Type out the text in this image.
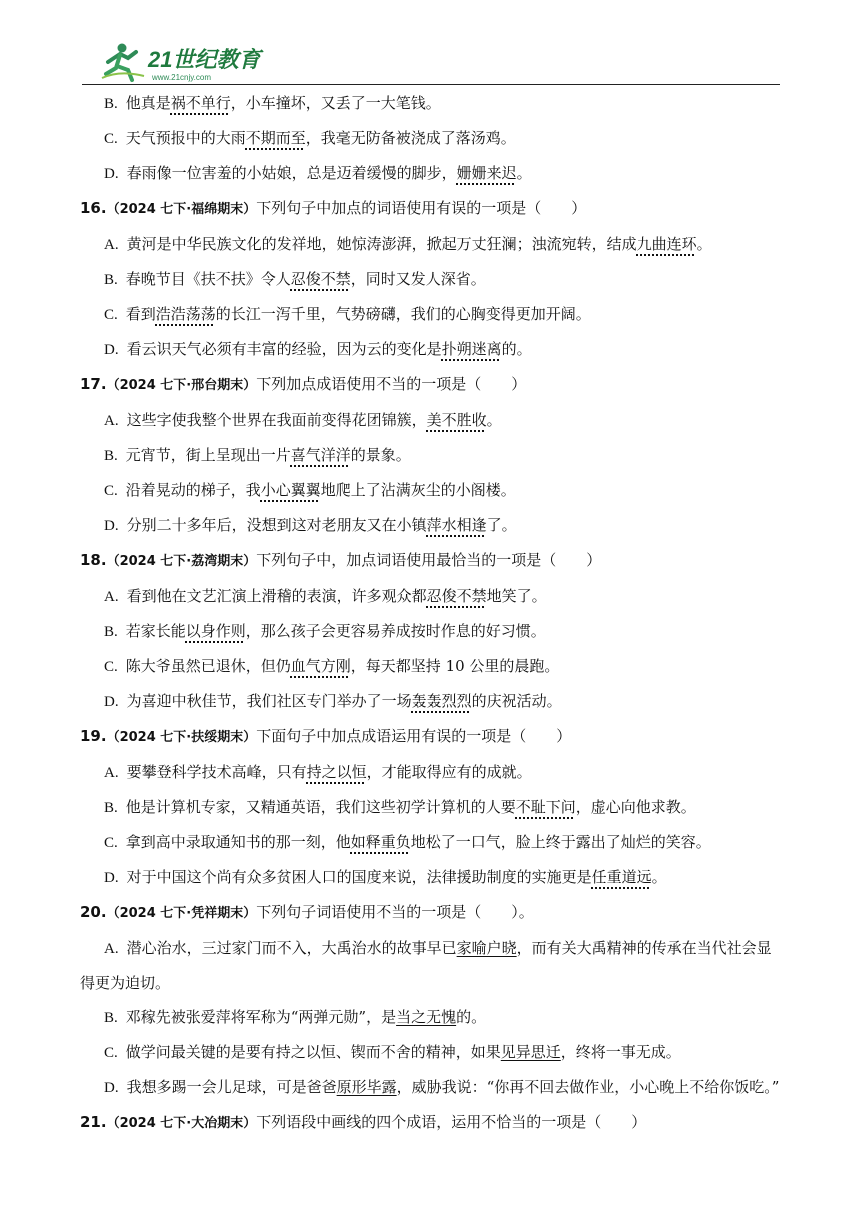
21世纪教育
www.21cnjy.com

B. 他真是祸不单行，小车撞坏，又丢了一大笔钱。

C. 天气预报中的大雨不期而至，我毫无防备被浇成了落汤鸡。

D. 春雨像一位害羞的小姑娘，总是迈着缓慢的脚步，姗姗来迟。

16.（2024 七下·福绵期末）下列句子中加点的词语使用有误的一项是（　　）

A. 黄河是中华民族文化的发祥地，她惊涛澎湃，掀起万丈狂澜；浊流宛转，结成九曲连环。

B. 春晚节目《扶不扶》令人忍俊不禁，同时又发人深省。

C. 看到浩浩荡荡的长江一泻千里，气势磅礴，我们的心胸变得更加开阔。

D. 看云识天气必须有丰富的经验，因为云的变化是扑朔迷离的。

17.（2024 七下·邢台期末）下列加点成语使用不当的一项是（　　）

A. 这些字使我整个世界在我面前变得花团锦簇，美不胜收。

B. 元宵节，街上呈现出一片喜气洋洋的景象。

C. 沿着晃动的梯子，我小心翼翼地爬上了沾满灰尘的小阁楼。

D. 分别二十多年后，没想到这对老朋友又在小镇萍水相逢了。

18.（2024 七下·荔湾期末）下列句子中，加点词语使用最恰当的一项是（　　）

A. 看到他在文艺汇演上滑稽的表演，许多观众都忍俊不禁地笑了。

B. 若家长能以身作则，那么孩子会更容易养成按时作息的好习惯。

C. 陈大爷虽然已退休，但仍血气方刚，每天都坚持 10 公里的晨跑。

D. 为喜迎中秋佳节，我们社区专门举办了一场轰轰烈烈的庆祝活动。

19.（2024 七下·扶绥期末）下面句子中加点成语运用有误的一项是（　　）

A. 要攀登科学技术高峰，只有持之以恒，才能取得应有的成就。

B. 他是计算机专家，又精通英语，我们这些初学计算机的人要不耻下问，虚心向他求教。

C. 拿到高中录取通知书的那一刻，他如释重负地松了一口气，脸上终于露出了灿烂的笑容。

D. 对于中国这个尚有众多贫困人口的国度来说，法律援助制度的实施更是任重道远。

20.（2024 七下·凭祥期末）下列句子词语使用不当的一项是（　　）。

A. 潜心治水，三过家门而不入，大禹治水的故事早已家喻户晓，而有关大禹精神的传承在当代社会显得更为迫切。

B. 邓稼先被张爱萍将军称为“两弹元勋”，是当之无愧的。

C. 做学问最关键的是要有持之以恒、锲而不舍的精神，如果见异思迁，终将一事无成。

D. 我想多踢一会儿足球，可是爸爸原形毕露，威胁我说：“你再不回去做作业，小心晚上不给你饭吃。”

21.（2024 七下·大冶期末）下列语段中画线的四个成语，运用不恰当的一项是（　　）
